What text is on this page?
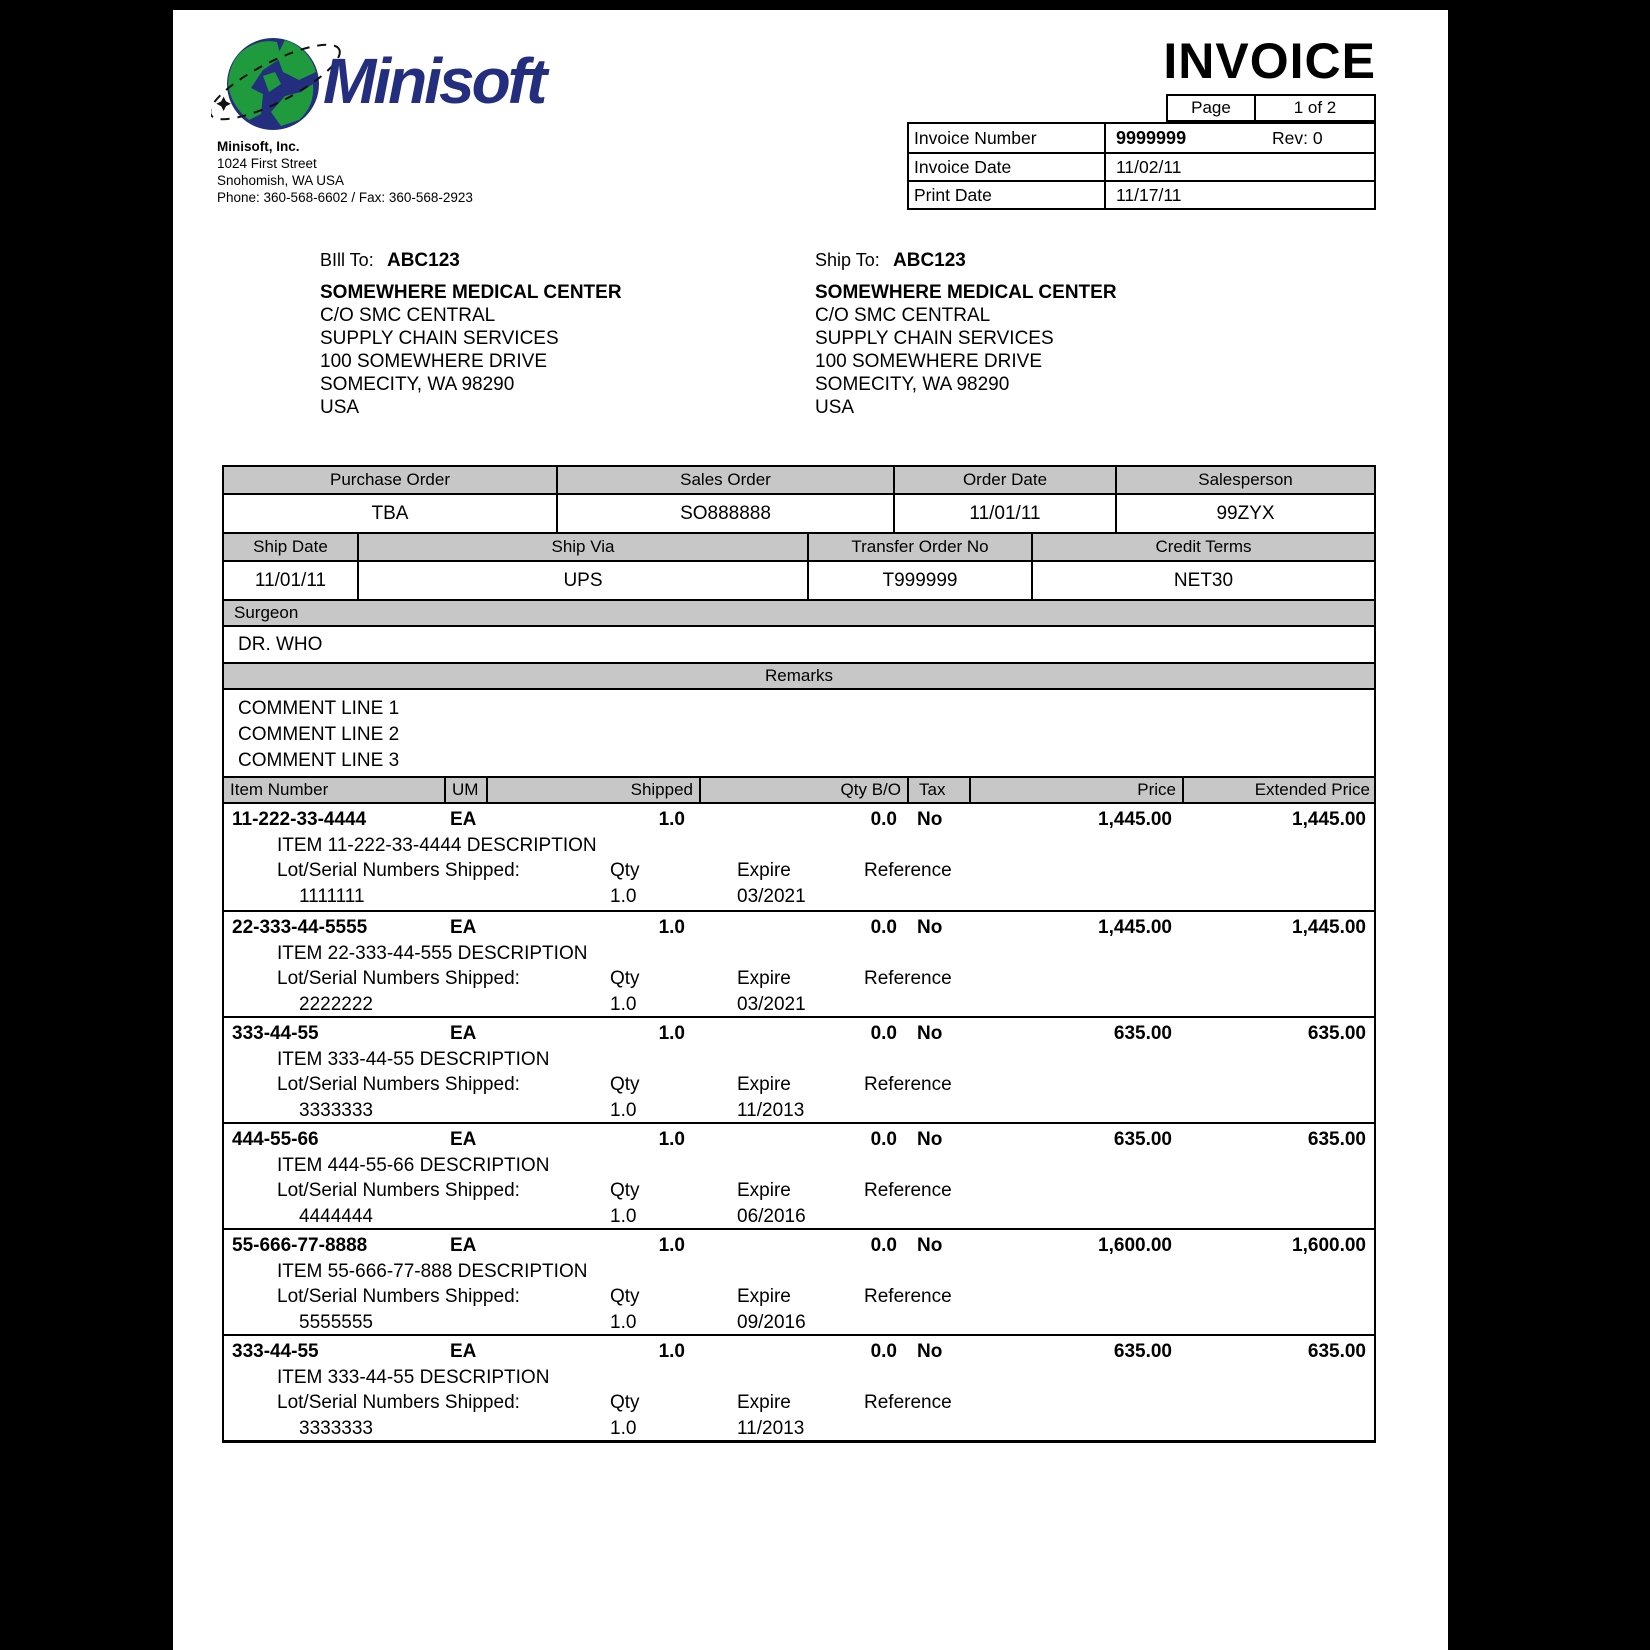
Minisoft
Minisoft, Inc.
1024 First Street
Snohomish, WA USA
Phone: 360-568-6602 / Fax: 360-568-2923
INVOICE
Page	1 of 2
Invoice Number	9999999	Rev: 0
Invoice Date	11/02/11
Print Date	11/17/11
BIll To: ABC123
SOMEWHERE MEDICAL CENTER
C/O SMC CENTRAL
SUPPLY CHAIN SERVICES
100 SOMEWHERE DRIVE
SOMECITY, WA 98290
USA
Ship To: ABC123
SOMEWHERE MEDICAL CENTER
C/O SMC CENTRAL
SUPPLY CHAIN SERVICES
100 SOMEWHERE DRIVE
SOMECITY, WA 98290
USA
Purchase Order	Sales Order	Order Date	Salesperson
TBA	SO888888	11/01/11	99ZYX
Ship Date	Ship Via	Transfer Order No	Credit Terms
11/01/11	UPS	T999999	NET30
Surgeon
DR. WHO
Remarks
COMMENT LINE 1
COMMENT LINE 2
COMMENT LINE 3
Item Number	UM	Shipped	Qty B/O	Tax	Price	Extended Price
11-222-33-4444	EA	1.0	0.0	No	1,445.00	1,445.00
ITEM 11-222-33-4444 DESCRIPTION
Lot/Serial Numbers Shipped:	Qty	Expire	Reference
1111111	1.0	03/2021
22-333-44-5555	EA	1.0	0.0	No	1,445.00	1,445.00
ITEM 22-333-44-555 DESCRIPTION
Lot/Serial Numbers Shipped:	Qty	Expire	Reference
2222222	1.0	03/2021
333-44-55	EA	1.0	0.0	No	635.00	635.00
ITEM 333-44-55 DESCRIPTION
Lot/Serial Numbers Shipped:	Qty	Expire	Reference
3333333	1.0	11/2013
444-55-66	EA	1.0	0.0	No	635.00	635.00
ITEM 444-55-66 DESCRIPTION
Lot/Serial Numbers Shipped:	Qty	Expire	Reference
4444444	1.0	06/2016
55-666-77-8888	EA	1.0	0.0	No	1,600.00	1,600.00
ITEM 55-666-77-888 DESCRIPTION
Lot/Serial Numbers Shipped:	Qty	Expire	Reference
5555555	1.0	09/2016
333-44-55	EA	1.0	0.0	No	635.00	635.00
ITEM 333-44-55 DESCRIPTION
Lot/Serial Numbers Shipped:	Qty	Expire	Reference
3333333	1.0	11/2013
